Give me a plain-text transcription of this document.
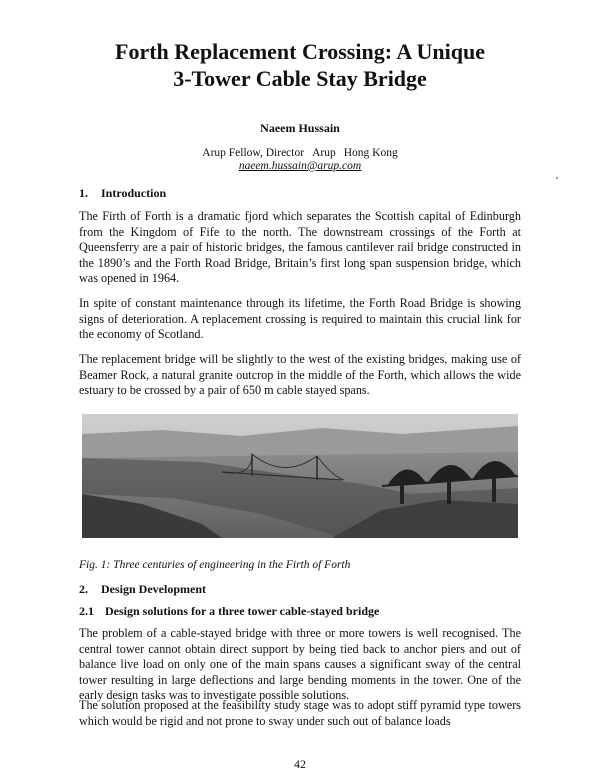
Forth Replacement Crossing: A Unique
3-Tower Cable Stay Bridge

Naeem Hussain

Arup Fellow, Director Arup Hong Kong
naeem.hussain@arup.com

1. Introduction

The Firth of Forth is a dramatic fjord which separates the Scottish capital of Edinburgh from the Kingdom of Fife to the north. The downstream crossings of the Forth at Queensferry are a pair of historic bridges, the famous cantilever rail bridge constructed in the 1890’s and the Forth Road Bridge, Britain’s first long span suspension bridge, which was opened in 1964.

In spite of constant maintenance through its lifetime, the Forth Road Bridge is showing signs of deterioration. A replacement crossing is required to maintain this crucial link for the economy of Scotland.

The replacement bridge will be slightly to the west of the existing bridges, making use of Beamer Rock, a natural granite outcrop in the middle of the Forth, which allows the wide estuary to be crossed by a pair of 650 m cable stayed spans.

Fig. 1: Three centuries of engineering in the Firth of Forth

2. Design Development

2.1 Design solutions for a three tower cable-stayed bridge

The problem of a cable-stayed bridge with three or more towers is well recognised. The central tower cannot obtain direct support by being tied back to anchor piers and out of balance live load on only one of the main spans causes a significant sway of the central tower resulting in large deflections and large bending moments in the tower. One of the early design tasks was to investigate possible solutions.

The solution proposed at the feasibility study stage was to adopt stiff pyramid type towers which would be rigid and not prone to sway under such out of balance loads

42
